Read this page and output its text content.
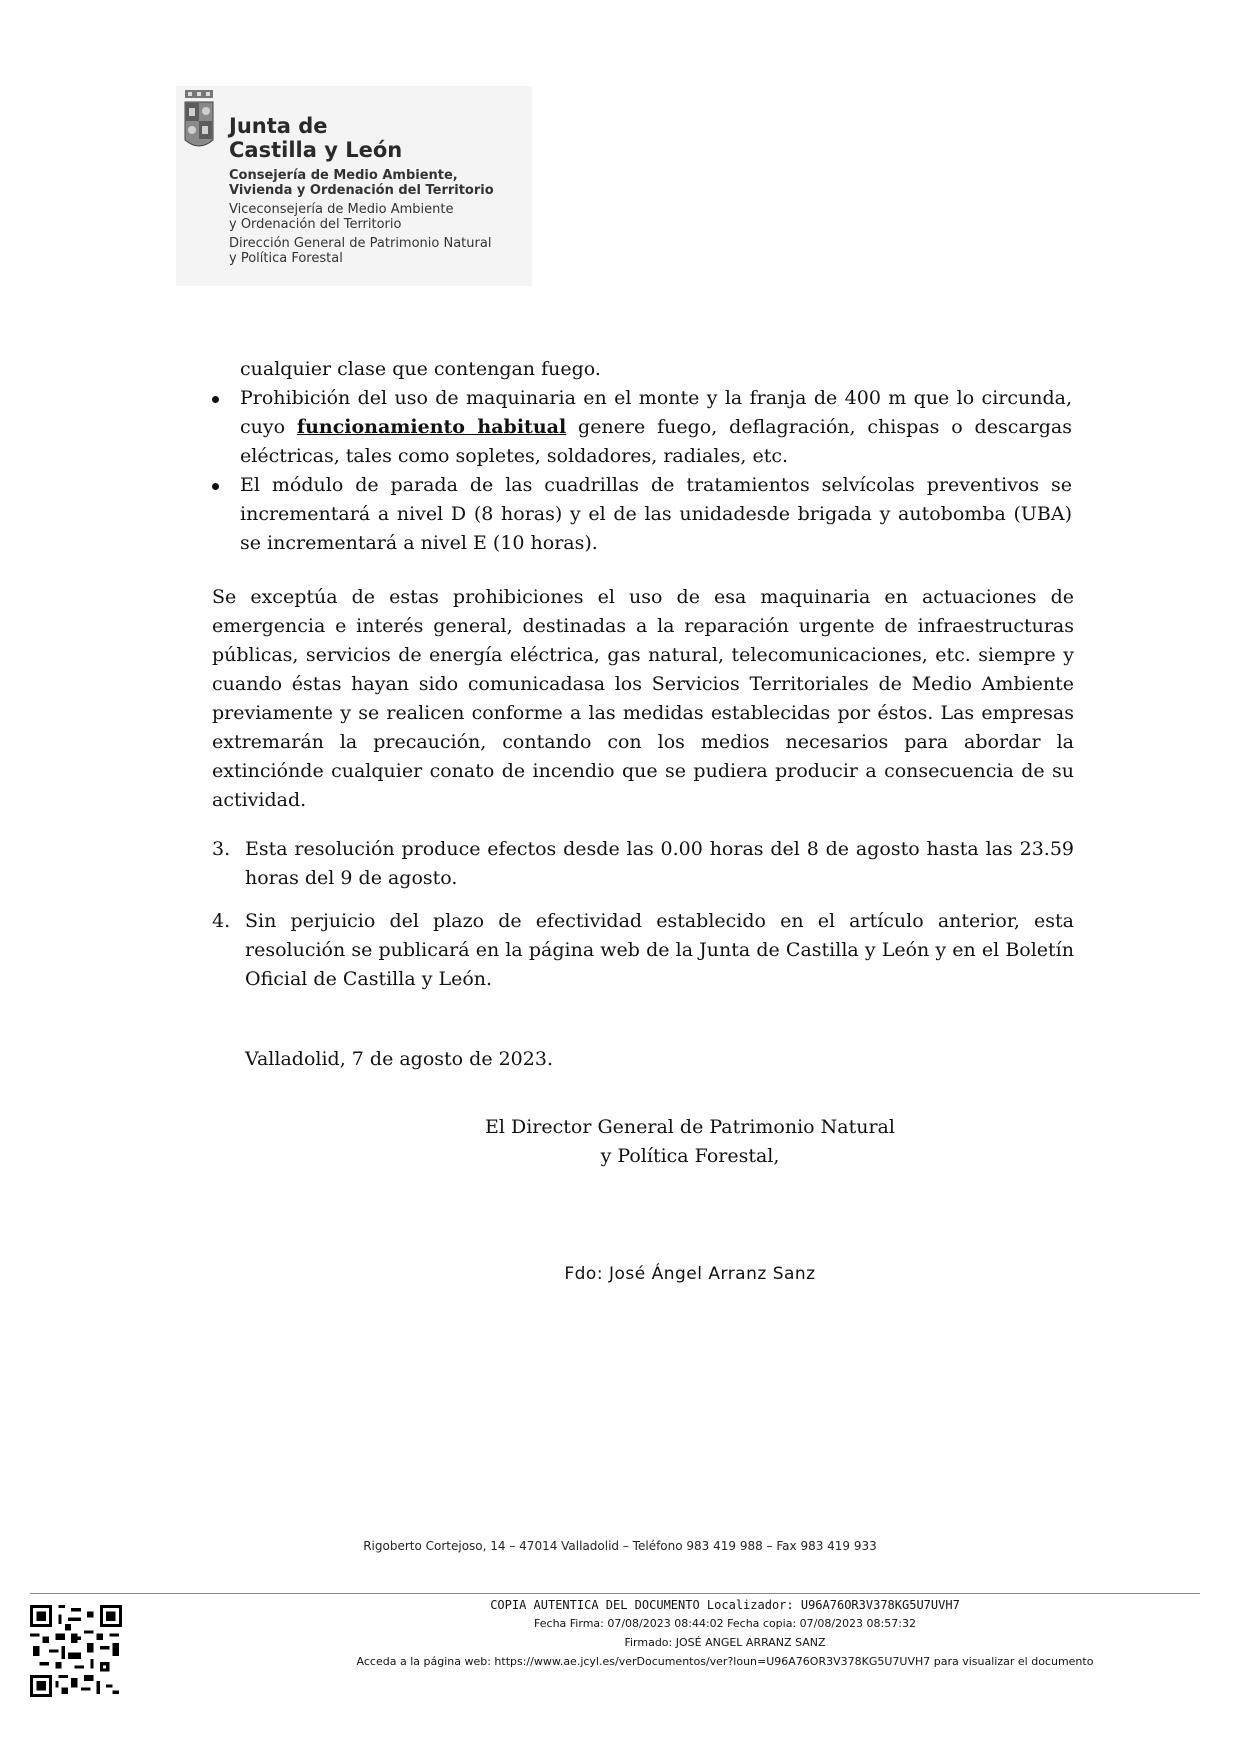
Junta de
Castilla y León
Consejería de Medio Ambiente,
Vivienda y Ordenación del Territorio
Viceconsejería de Medio Ambiente
y Ordenación del Territorio
Dirección General de Patrimonio Natural
y Política Forestal
cualquier clase que contengan fuego.
Prohibición del uso de maquinaria en el monte y la franja de 400 m que lo circunda, cuyo funcionamiento habitual genere fuego, deflagración, chispas o descargas eléctricas, tales como sopletes, soldadores, radiales, etc.
El módulo de parada de las cuadrillas de tratamientos selvícolas preventivos se incrementará a nivel D (8 horas) y el de las unidadesde brigada y autobomba (UBA) se incrementará a nivel E (10 horas).
Se exceptúa de estas prohibiciones el uso de esa maquinaria en actuaciones de emergencia e interés general, destinadas a la reparación urgente de infraestructuras públicas, servicios de energía eléctrica, gas natural, telecomunicaciones, etc. siempre y cuando éstas hayan sido comunicadasa los Servicios Territoriales de Medio Ambiente previamente y se realicen conforme a las medidas establecidas por éstos. Las empresas extremarán la precaución, contando con los medios necesarios para abordar la extincióndе cualquier conato de incendio que se pudiera producir a consecuencia de su actividad.
3. Esta resolución produce efectos desde las 0.00 horas del 8 de agosto hasta las 23.59 horas del 9 de agosto.
4. Sin perjuicio del plazo de efectividad establecido en el artículo anterior, esta resolución se publicará en la página web de la Junta de Castilla y León y en el Boletín Oficial de Castilla y León.
Valladolid, 7 de agosto de 2023.
El Director General de Patrimonio Natural
y Política Forestal,
Fdo: José Ángel Arranz Sanz
Rigoberto Cortejoso, 14 – 47014 Valladolid – Teléfono 983 419 988 – Fax 983 419 933
COPIA AUTENTICA DEL DOCUMENTO Localizador: U96A76OR3V378KG5U7UVH7
Fecha Firma: 07/08/2023 08:44:02 Fecha copia: 07/08/2023 08:57:32
Firmado: JOSÉ ANGEL ARRANZ SANZ
Acceda a la página web: https://www.ae.jcyl.es/verDocumentos/ver?loun=U96A76OR3V378KG5U7UVH7 para visualizar el documento
